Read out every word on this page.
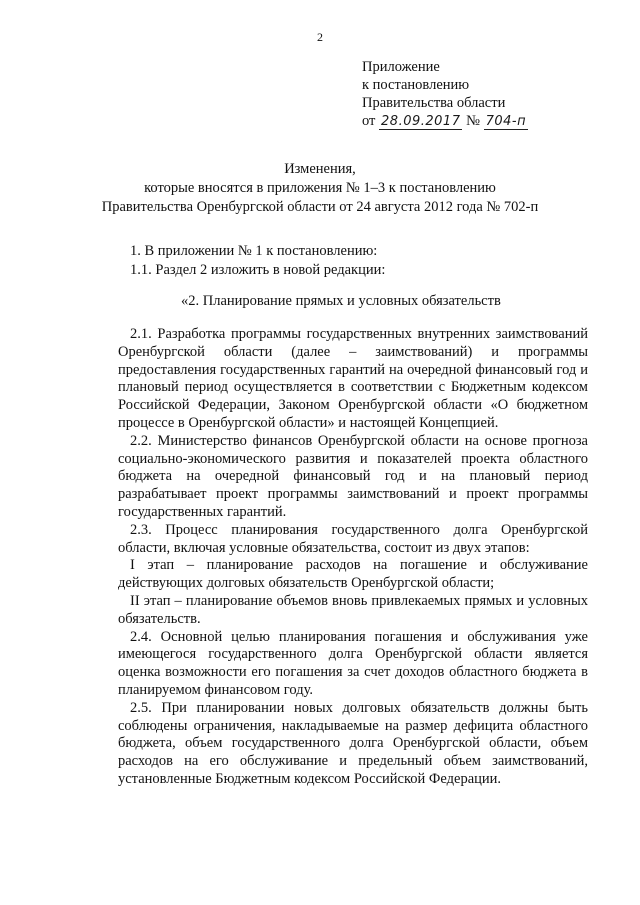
2
Приложение
к постановлению
Правительства области
от 28.09.2017 № 704-п
Изменения,
которые вносятся в приложения № 1–3 к постановлению
Правительства Оренбургской области от 24 августа 2012 года № 702-п
1. В приложении № 1 к постановлению:
1.1. Раздел 2 изложить в новой редакции:
«2. Планирование прямых и условных обязательств

2.1. Разработка программы государственных внутренних заимствований Оренбургской области (далее – заимствований) и программы предоставления государственных гарантий на очередной финансовый год и плановый период осуществляется в соответствии с Бюджетным кодексом Российской Федерации, Законом Оренбургской области «О бюджетном процессе в Оренбургской области» и настоящей Концепцией.

2.2. Министерство финансов Оренбургской области на основе прогноза социально-экономического развития и показателей проекта областного бюджета на очередной финансовый год и на плановый период разрабатывает проект программы заимствований и проект программы государственных гарантий.

2.3. Процесс планирования государственного долга Оренбургской области, включая условные обязательства, состоит из двух этапов:

I этап – планирование расходов на погашение и обслуживание действующих долговых обязательств Оренбургской области;

II этап – планирование объемов вновь привлекаемых прямых и условных обязательств.

2.4. Основной целью планирования погашения и обслуживания уже имеющегося государственного долга Оренбургской области является оценка возможности его погашения за счет доходов областного бюджета в планируемом финансовом году.

2.5. При планировании новых долговых обязательств должны быть соблюдены ограничения, накладываемые на размер дефицита областного бюджета, объем государственного долга Оренбургской области, объем расходов на его обслуживание и предельный объем заимствований, установленные Бюджетным кодексом Российской Федерации.
